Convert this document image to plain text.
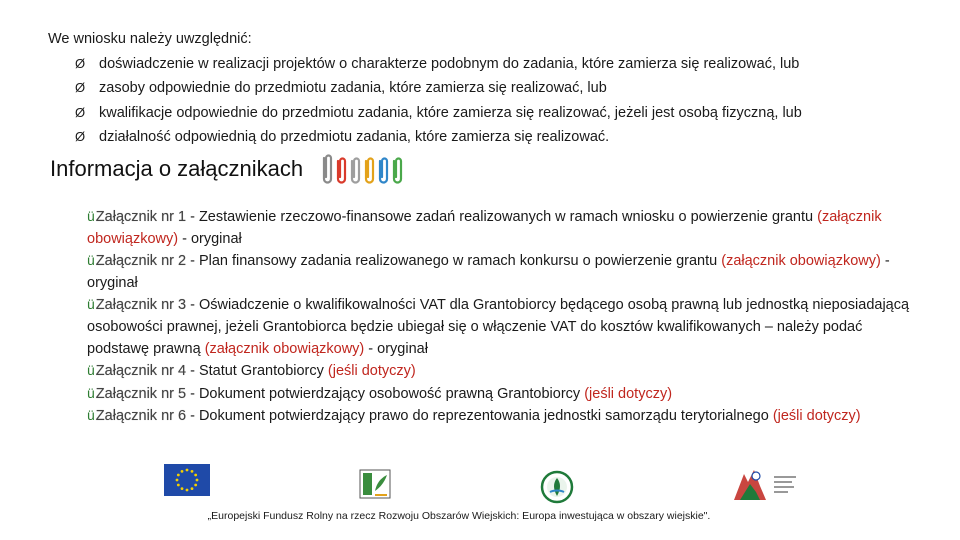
We wniosku należy uwzględnić:
Ø doświadczenie w realizacji projektów o charakterze podobnym do zadania, które zamierza się realizować, lub
Ø zasoby odpowiednie do przedmiotu zadania, które zamierza się realizować, lub
Ø kwalifikacje odpowiednie do przedmiotu zadania, które zamierza się realizować, jeżeli jest osobą fizyczną, lub
Ø działalność odpowiednią do przedmiotu zadania, które zamierza się realizować.
Informacja o załącznikach
üZałącznik nr 1 - Zestawienie rzeczowo-finansowe zadań realizowanych w ramach wniosku o powierzenie grantu (załącznik obowiązkowy) - oryginał
üZałącznik nr 2 - Plan finansowy zadania realizowanego w ramach konkursu o powierzenie grantu (załącznik obowiązkowy) - oryginał
üZałącznik nr 3 - Oświadczenie o kwalifikowalności VAT dla Grantobiorcy będącego osobą prawną lub jednostką nieposiadającą osobowości prawnej, jeżeli Grantobiorca będzie ubiegał się o włączenie VAT do kosztów kwalifikowanych – należy podać podstawę prawną (załącznik obowiązkowy) - oryginał
üZałącznik nr 4 - Statut Grantobiorcy (jeśli dotyczy)
üZałącznik nr 5 - Dokument potwierdzający osobowość prawną Grantobiorcy (jeśli dotyczy)
üZałącznik nr 6 - Dokument potwierdzający prawo do reprezentowania jednostki samorządu terytorialnego (jeśli dotyczy)
„Europejski Fundusz Rolny na rzecz Rozwoju Obszarów Wiejskich: Europa inwestująca w obszary wiejskie".
